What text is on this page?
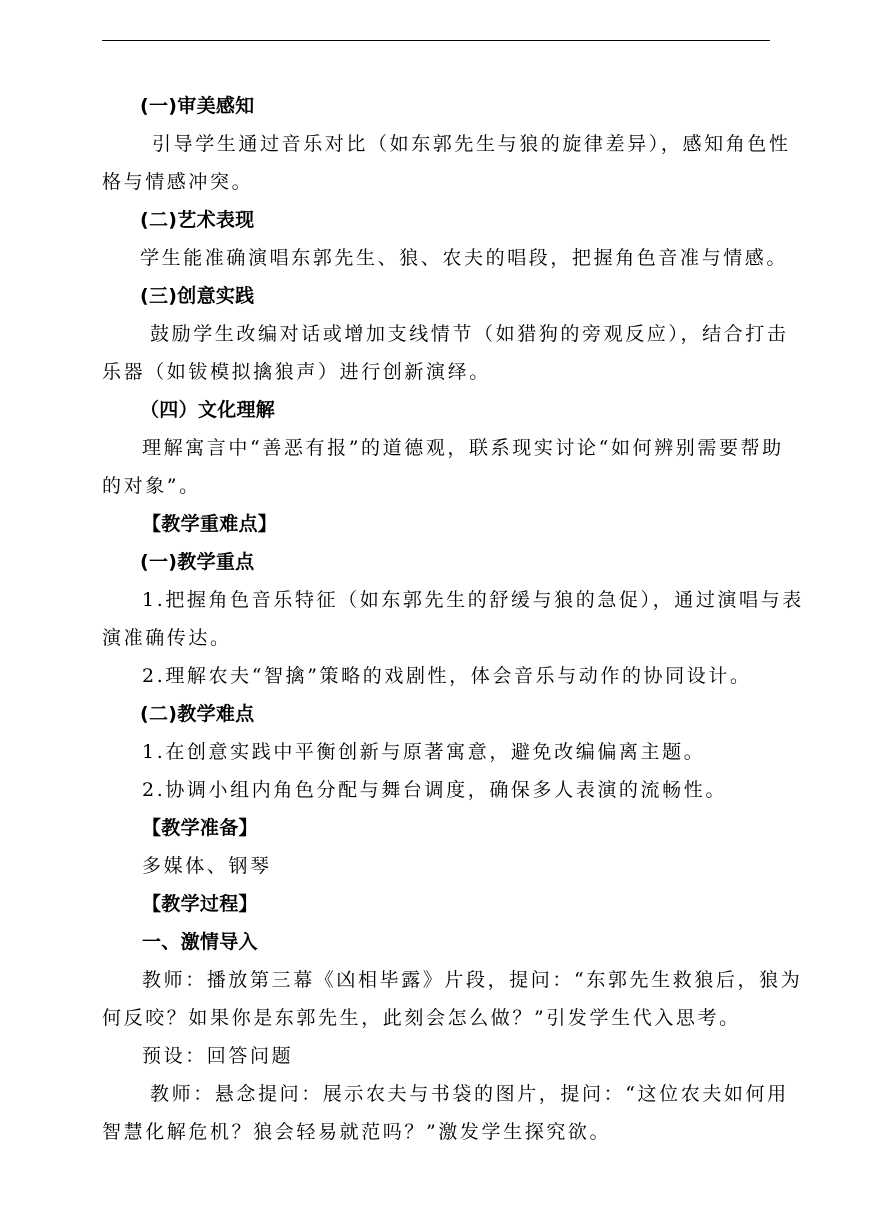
(一)审美感知
引导学生通过音乐对比（如东郭先生与狼的旋律差异），感知角色性
格与情感冲突。
(二)艺术表现
学生能准确演唱东郭先生、狼、农夫的唱段，把握角色音准与情感。
(三)创意实践
鼓励学生改编对话或增加支线情节（如猎狗的旁观反应），结合打击
乐器（如钹模拟擒狼声）进行创新演绎。
（四）文化理解
理解寓言中“善恶有报”的道德观，联系现实讨论“如何辨别需要帮助
的对象”。
【教学重难点】
(一)教学重点
1.把握角色音乐特征（如东郭先生的舒缓与狼的急促），通过演唱与表
演准确传达。
2.理解农夫“智擒”策略的戏剧性，体会音乐与动作的协同设计。
(二)教学难点
1.在创意实践中平衡创新与原著寓意，避免改编偏离主题。
2.协调小组内角色分配与舞台调度，确保多人表演的流畅性。
【教学准备】
多媒体、钢琴
【教学过程】
一、激情导入
教师：播放第三幕《凶相毕露》片段，提问：“东郭先生救狼后，狼为
何反咬？如果你是东郭先生，此刻会怎么做？”引发学生代入思考。
预设：回答问题
教师：悬念提问：展示农夫与书袋的图片，提问：“这位农夫如何用
智慧化解危机？狼会轻易就范吗？”激发学生探究欲。
